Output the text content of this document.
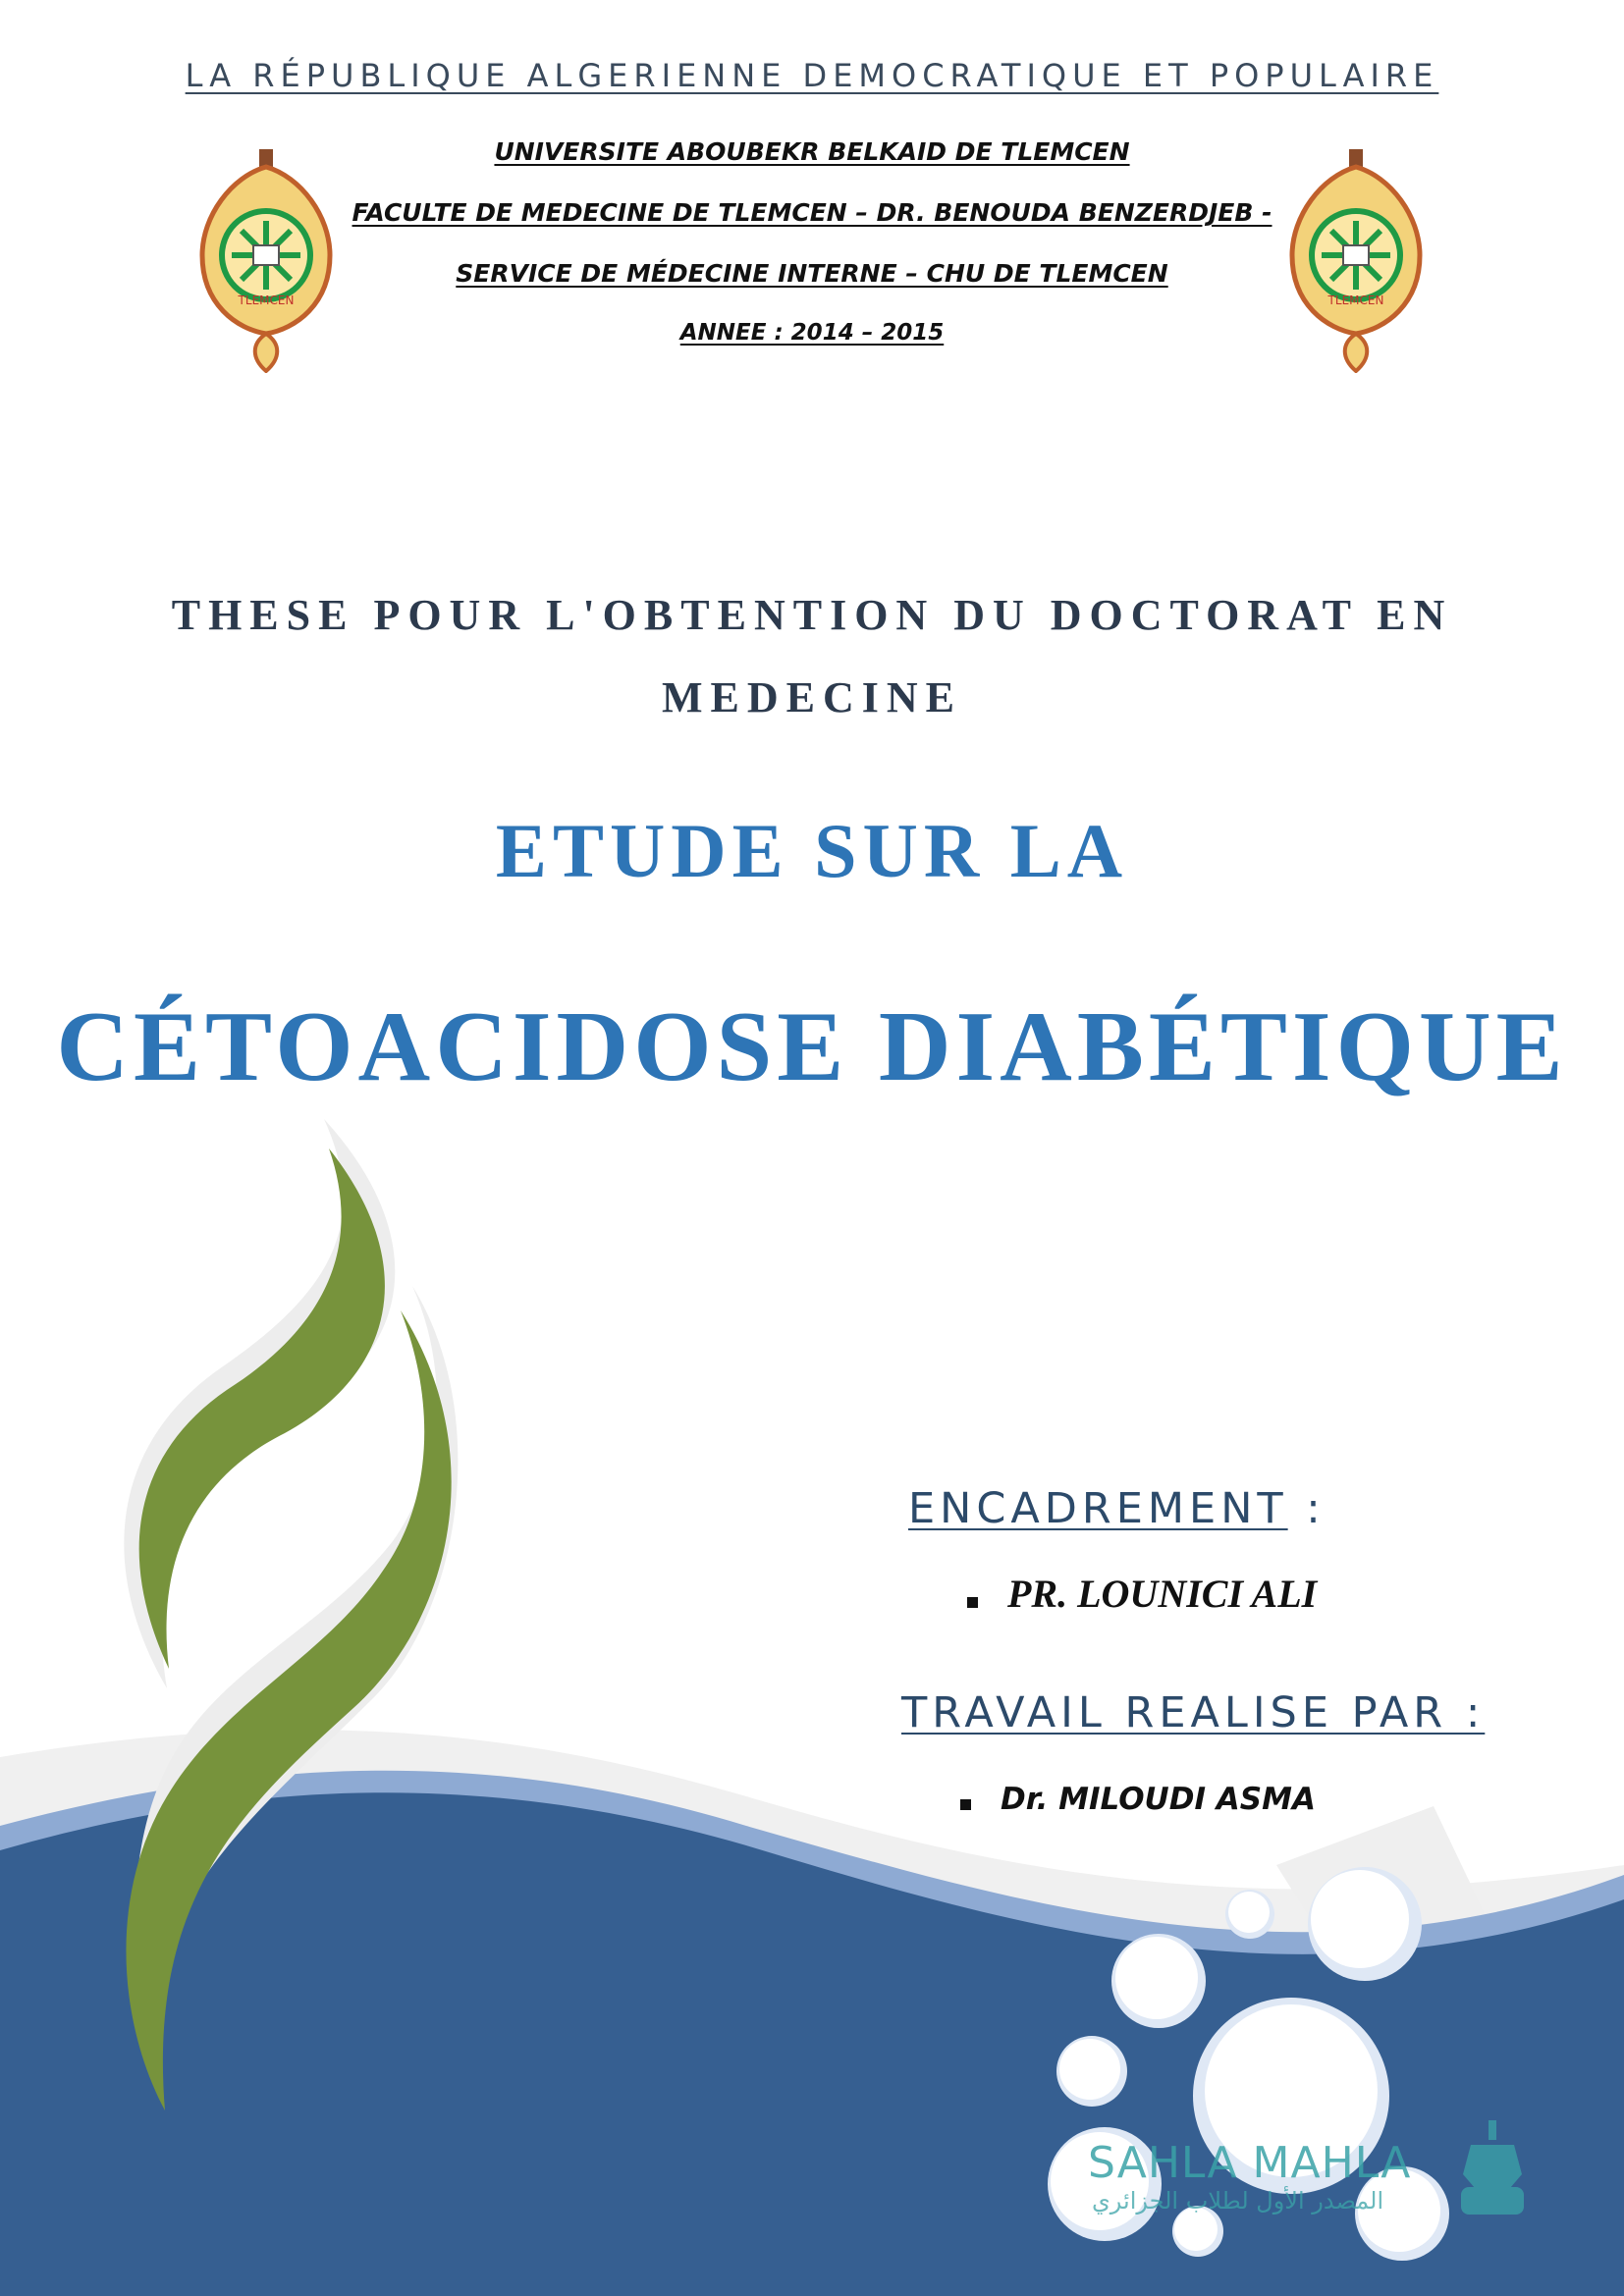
LA RÉPUBLIQUE ALGERIENNE DEMOCRATIQUE ET POPULAIRE
UNIVERSITE ABOUBEKR BELKAID DE TLEMCEN
FACULTE DE MEDECINE DE TLEMCEN – DR. BENOUDA BENZERDJEB -
SERVICE DE MÉDECINE INTERNE – CHU DE TLEMCEN
ANNEE : 2014 – 2015
TLEMCEN	TLEMCEN
THESE POUR L'OBTENTION DU DOCTORAT EN
MEDECINE
ETUDE SUR LA
CÉTOACIDOSE DIABÉTIQUE
ENCADREMENT :
PR. LOUNICI ALI
TRAVAIL REALISE PAR :
Dr. MILOUDI ASMA
SAHLA MAHLA
المصدر الأول لطلاب الجزائري
